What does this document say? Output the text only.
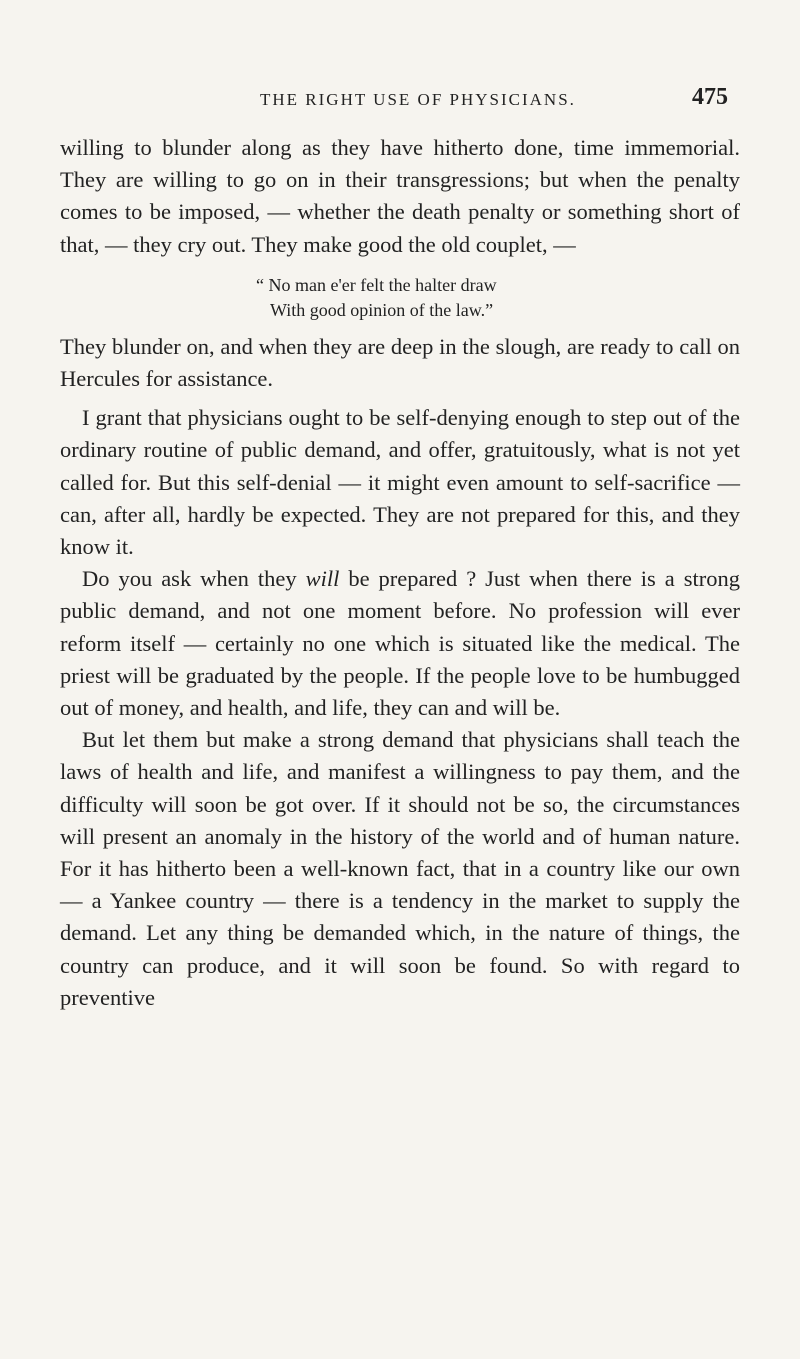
THE RIGHT USE OF PHYSICIANS.	475

willing to blunder along as they have hitherto done, time immemorial. They are willing to go on in their transgressions; but when the penalty comes to be imposed, — whether the death penalty or something short of that, — they cry out. They make good the old couplet, —

“ No man e'er felt the halter draw
With good opinion of the law.”

They blunder on, and when they are deep in the slough, are ready to call on Hercules for assistance.

I grant that physicians ought to be self-denying enough to step out of the ordinary routine of public demand, and offer, gratuitously, what is not yet called for. But this self-denial — it might even amount to self-sacrifice — can, after all, hardly be expected. They are not prepared for this, and they know it.

Do you ask when they will be prepared ? Just when there is a strong public demand, and not one moment before. No profession will ever reform itself — certainly no one which is situated like the medical. The priest will be graduated by the people. If the people love to be humbugged out of money, and health, and life, they can and will be.

But let them but make a strong demand that physicians shall teach the laws of health and life, and manifest a willingness to pay them, and the difficulty will soon be got over. If it should not be so, the circumstances will present an anomaly in the history of the world and of human nature. For it has hitherto been a well-known fact, that in a country like our own — a Yankee country — there is a tendency in the market to supply the demand. Let any thing be demanded which, in the nature of things, the country can produce, and it will soon be found. So with regard to preventive
